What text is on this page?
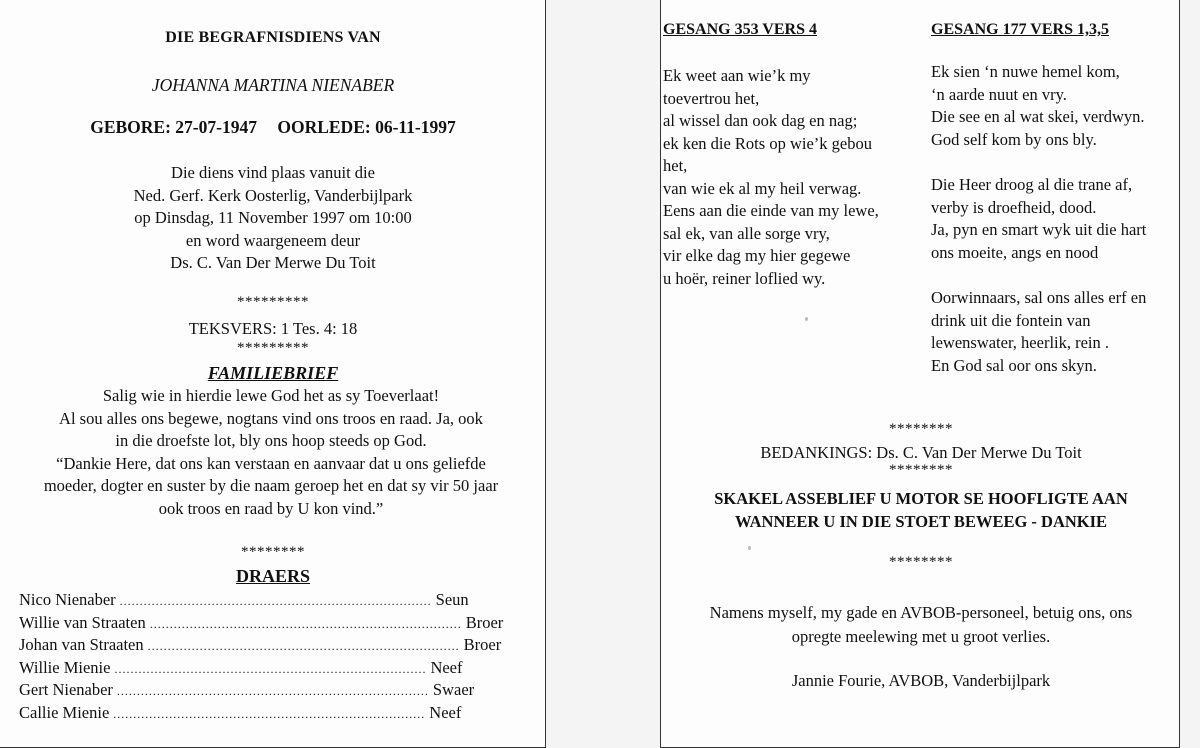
DIE BEGRAFNISDIENS VAN
JOHANNA MARTINA NIENABER
GEBORE: 27-07-1947 OORLEDE: 06-11-1997
Die diens vind plaas vanuit die
Ned. Gerf. Kerk Oosterlig, Vanderbijlpark
op Dinsdag, 11 November 1997 om 10:00
en word waargeneem deur
Ds. C. Van Der Merwe Du Toit
*********
TEKSVERS: 1 Tes. 4: 18
*********
FAMILIEBRIEF
Salig wie in hierdie lewe God het as sy Toeverlaat!
Al sou alles ons begewe, nogtans vind ons troos en raad. Ja, ook
in die droefste lot, bly ons hoop steeds op God.
“Dankie Here, dat ons kan verstaan en aanvaar dat u ons geliefde
moeder, dogter en suster by die naam geroep het en dat sy vir 50 jaar
ook troos en raad by U kon vind.”
********
DRAERS
Nico Nienaber .............................................................................. Seun
Willie van Straaten .............................................................................. Broer
Johan van Straaten .............................................................................. Broer
Willie Mienie .............................................................................. Neef
Gert Nienaber .............................................................................. Swaer
Callie Mienie .............................................................................. Neef
GESANG 353 VERS 4	GESANG 177 VERS 1,3,5
Ek weet aan wie’k my
toevertrou het,
al wissel dan ook dag en nag;
ek ken die Rots op wie’k gebou
het,
van wie ek al my heil verwag.
Eens aan die einde van my lewe,
sal ek, van alle sorge vry,
vir elke dag my hier gegewe
u hoër, reiner loflied wy.
Ek sien ‘n nuwe hemel kom,
‘n aarde nuut en vry.
Die see en al wat skei, verdwyn.
God self kom by ons bly.
Die Heer droog al die trane af,
verby is droefheid, dood.
Ja, pyn en smart wyk uit die hart
ons moeite, angs en nood
Oorwinnaars, sal ons alles erf en
drink uit die fontein van
lewenswater, heerlik, rein .
En God sal oor ons skyn.
********
BEDANKINGS: Ds. C. Van Der Merwe Du Toit
********
SKAKEL ASSEBLIEF U MOTOR SE HOOFLIGTE AAN
WANNEER U IN DIE STOET BEWEEG - DANKIE
********
Namens myself, my gade en AVBOB-personeel, betuig ons, ons
opregte meelewing met u groot verlies.
Jannie Fourie, AVBOB, Vanderbijlpark
